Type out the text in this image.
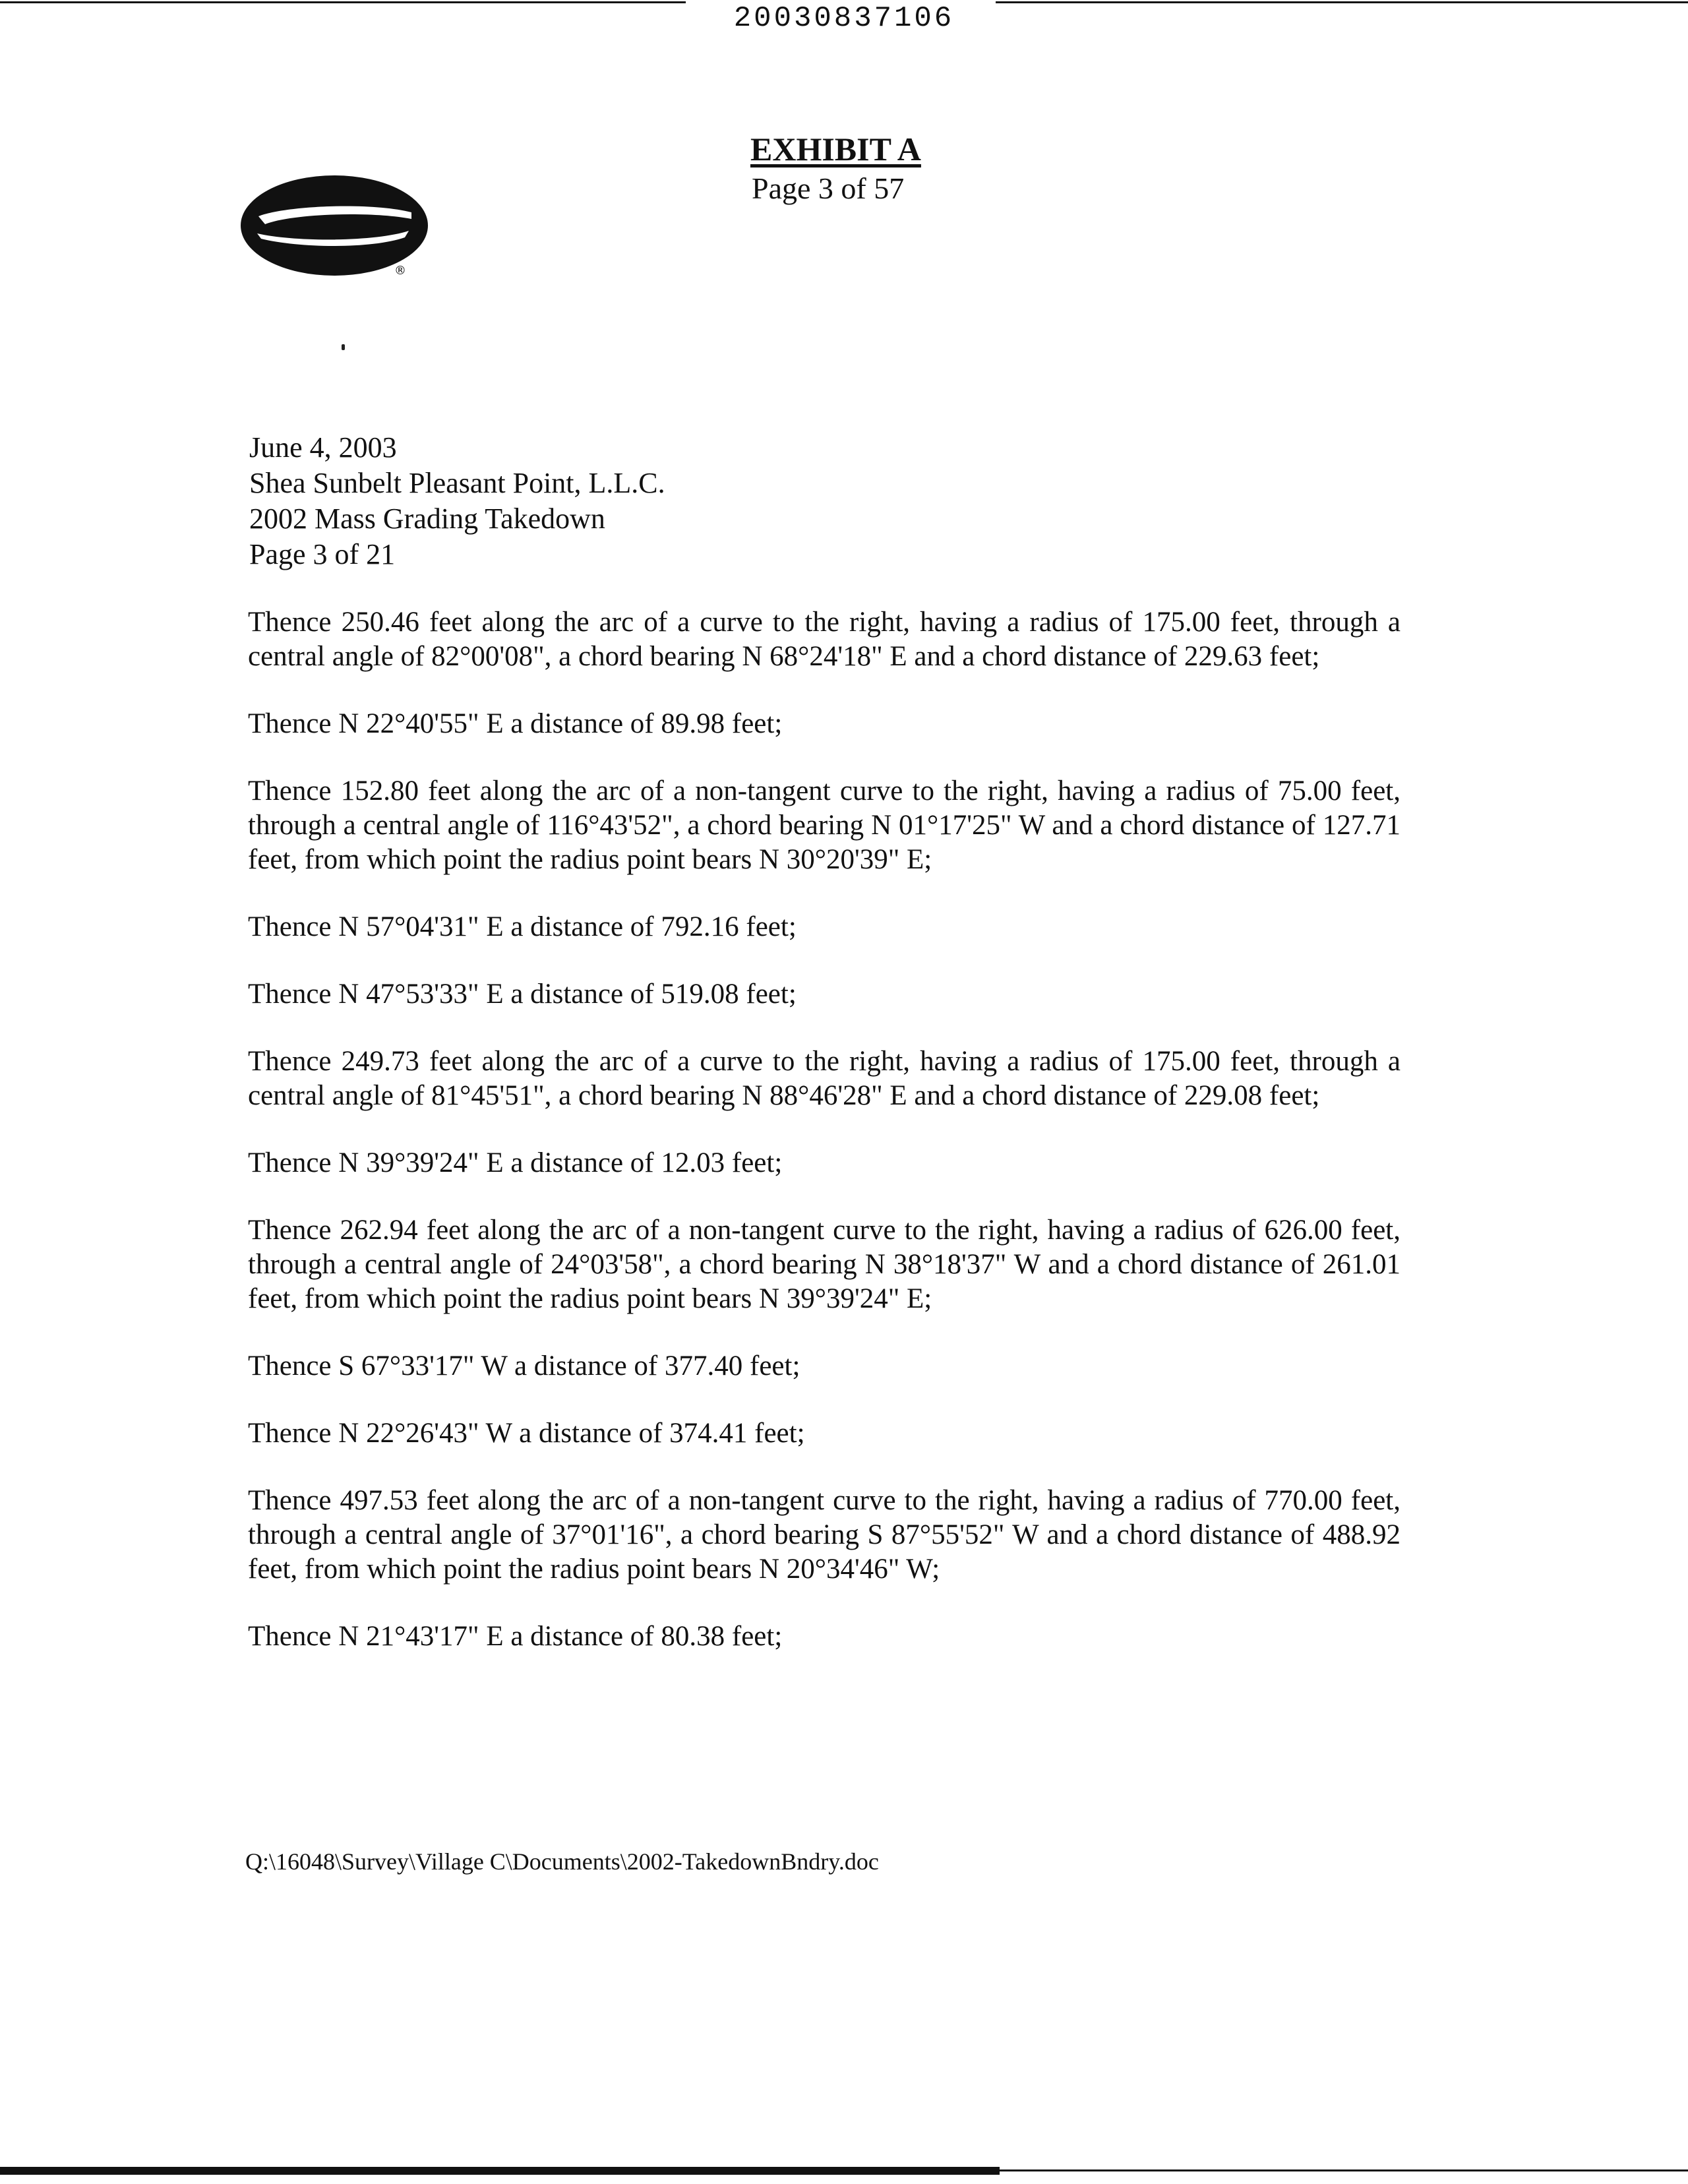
20030837106
EXHIBIT A
Page 3 of 57
®
June 4, 2003
Shea Sunbelt Pleasant Point, L.L.C.
2002 Mass Grading Takedown
Page 3 of 21

Thence 250.46 feet along the arc of a curve to the right, having a radius of 175.00 feet, through a central angle of 82°00'08", a chord bearing N 68°24'18" E and a chord distance of 229.63 feet;

Thence N 22°40'55" E a distance of 89.98 feet;

Thence 152.80 feet along the arc of a non-tangent curve to the right, having a radius of 75.00 feet, through a central angle of 116°43'52", a chord bearing N 01°17'25" W and a chord distance of 127.71 feet, from which point the radius point bears N 30°20'39" E;

Thence N 57°04'31" E a distance of 792.16 feet;

Thence N 47°53'33" E a distance of 519.08 feet;

Thence 249.73 feet along the arc of a curve to the right, having a radius of 175.00 feet, through a central angle of 81°45'51", a chord bearing N 88°46'28" E and a chord distance of 229.08 feet;

Thence N 39°39'24" E a distance of 12.03 feet;

Thence 262.94 feet along the arc of a non-tangent curve to the right, having a radius of 626.00 feet, through a central angle of 24°03'58", a chord bearing N 38°18'37" W and a chord distance of 261.01 feet, from which point the radius point bears N 39°39'24" E;

Thence S 67°33'17" W a distance of 377.40 feet;

Thence N 22°26'43" W a distance of 374.41 feet;

Thence 497.53 feet along the arc of a non-tangent curve to the right, having a radius of 770.00 feet, through a central angle of 37°01'16", a chord bearing S 87°55'52" W and a chord distance of 488.92 feet, from which point the radius point bears N 20°34'46" W;

Thence N 21°43'17" E a distance of 80.38 feet;

Q:\16048\Survey\Village C\Documents\2002-TakedownBndry.doc
